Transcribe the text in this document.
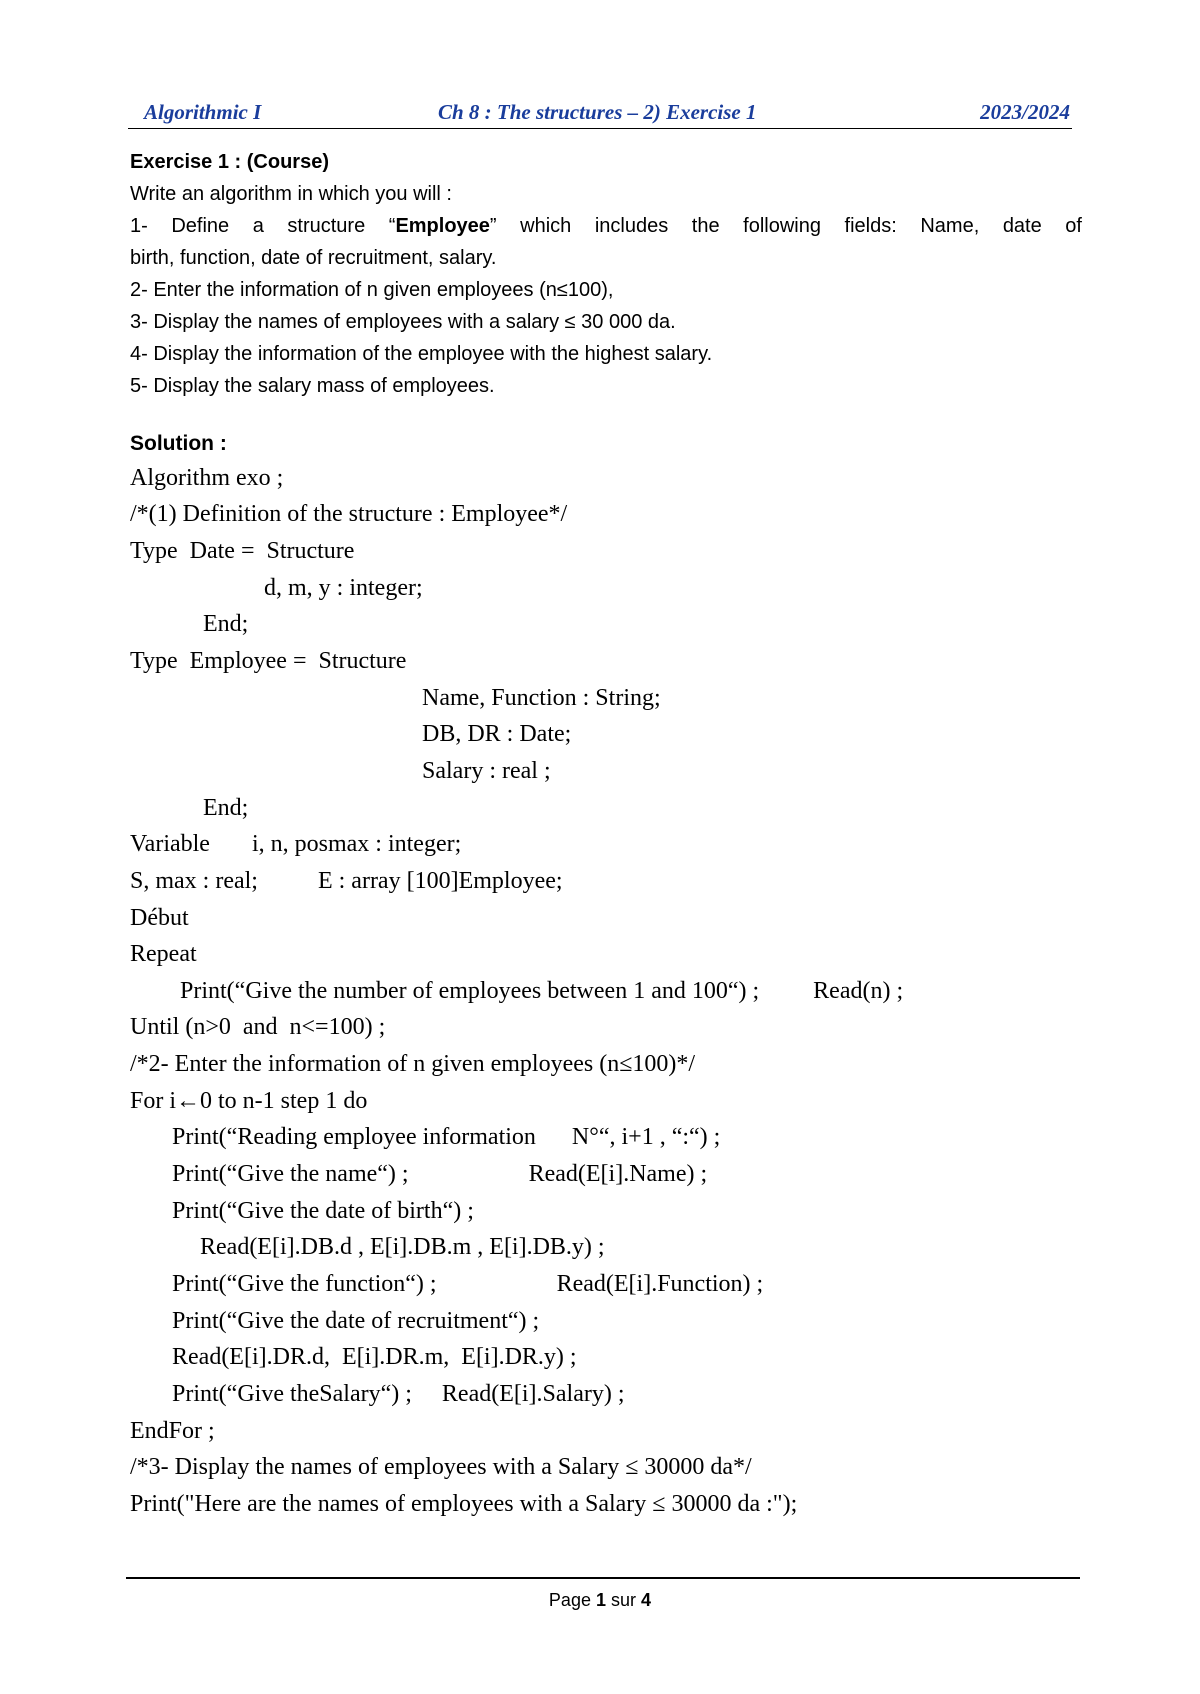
Algorithmic I	Ch 8 : The structures – 2) Exercise 1	2023/2024
Exercise 1 : (Course)
Write an algorithm in which you will :
1- Define a structure “Employee” which includes the following fields: Name, date of
birth, function, date of recruitment, salary.
2- Enter the information of n given employees (n≤100),
3- Display the names of employees with a salary ≤ 30 000 da.
4- Display the information of the employee with the highest salary.
5- Display the salary mass of employees.
Solution :
Algorithm exo ;
/*(1) Definition of the structure : Employee*/
Type  Date =  Structure
d, m, y : integer;
End;
Type  Employee =  Structure
Name, Function : String;
DB, DR : Date;
Salary : real ;
End;
Variable       i, n, posmax : integer;
S, max : real;          E : array [100]Employee;
Début
Repeat
Print(“Give the number of employees between 1 and 100“) ;         Read(n) ;
Until (n>0  and  n<=100) ;
/*2- Enter the information of n given employees (n≤100)*/
For i←0 to n-1 step 1 do
Print(“Reading employee information      N°“, i+1 , “:“) ;
Print(“Give the name“) ;                    Read(E[i].Name) ;
Print(“Give the date of birth“) ;
Read(E[i].DB.d , E[i].DB.m , E[i].DB.y) ;
Print(“Give the function“) ;                    Read(E[i].Function) ;
Print(“Give the date of recruitment“) ;
Read(E[i].DR.d,  E[i].DR.m,  E[i].DR.y) ;
Print(“Give theSalary“) ;     Read(E[i].Salary) ;
EndFor ;
/*3- Display the names of employees with a Salary ≤ 30000 da*/
Print("Here are the names of employees with a Salary ≤ 30000 da :");
Page 1 sur 4
